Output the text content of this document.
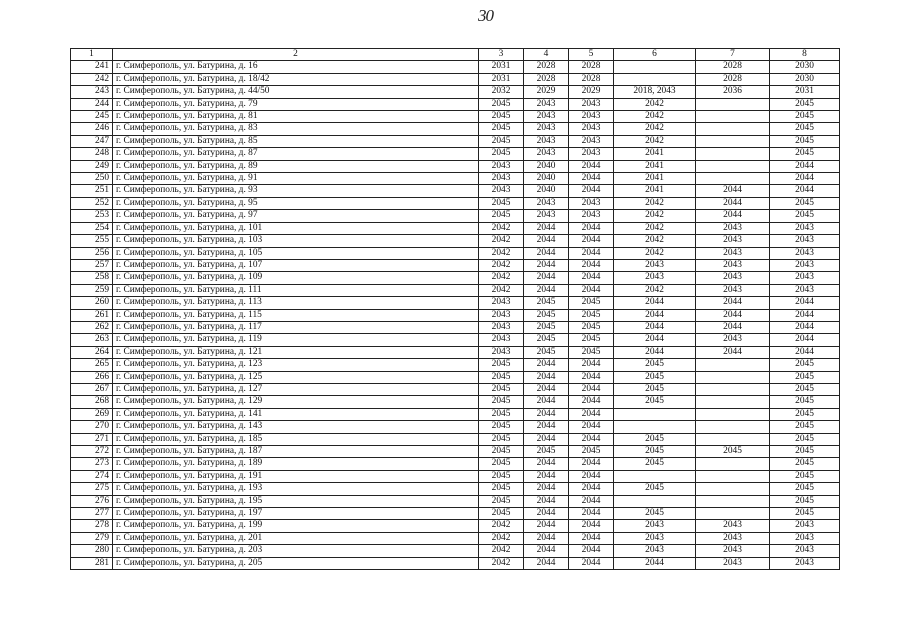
30
1	2	3	4	5	6	7	8
241	г. Симферополь, ул. Батурина, д. 16	2031	2028	2028		2028	2030
242	г. Симферополь, ул. Батурина, д. 18/42	2031	2028	2028		2028	2030
243	г. Симферополь, ул. Батурина, д. 44/50	2032	2029	2029	2018, 2043	2036	2031
244	г. Симферополь, ул. Батурина, д. 79	2045	2043	2043	2042		2045
245	г. Симферополь, ул. Батурина, д. 81	2045	2043	2043	2042		2045
246	г. Симферополь, ул. Батурина, д. 83	2045	2043	2043	2042		2045
247	г. Симферополь, ул. Батурина, д. 85	2045	2043	2043	2042		2045
248	г. Симферополь, ул. Батурина, д. 87	2045	2043	2043	2041		2045
249	г. Симферополь, ул. Батурина, д. 89	2043	2040	2044	2041		2044
250	г. Симферополь, ул. Батурина, д. 91	2043	2040	2044	2041		2044
251	г. Симферополь, ул. Батурина, д. 93	2043	2040	2044	2041	2044	2044
252	г. Симферополь, ул. Батурина, д. 95	2045	2043	2043	2042	2044	2045
253	г. Симферополь, ул. Батурина, д. 97	2045	2043	2043	2042	2044	2045
254	г. Симферополь, ул. Батурина, д. 101	2042	2044	2044	2042	2043	2043
255	г. Симферополь, ул. Батурина, д. 103	2042	2044	2044	2042	2043	2043
256	г. Симферополь, ул. Батурина, д. 105	2042	2044	2044	2042	2043	2043
257	г. Симферополь, ул. Батурина, д. 107	2042	2044	2044	2043	2043	2043
258	г. Симферополь, ул. Батурина, д. 109	2042	2044	2044	2043	2043	2043
259	г. Симферополь, ул. Батурина, д. 111	2042	2044	2044	2042	2043	2043
260	г. Симферополь, ул. Батурина, д. 113	2043	2045	2045	2044	2044	2044
261	г. Симферополь, ул. Батурина, д. 115	2043	2045	2045	2044	2044	2044
262	г. Симферополь, ул. Батурина, д. 117	2043	2045	2045	2044	2044	2044
263	г. Симферополь, ул. Батурина, д. 119	2043	2045	2045	2044	2043	2044
264	г. Симферополь, ул. Батурина, д. 121	2043	2045	2045	2044	2044	2044
265	г. Симферополь, ул. Батурина, д. 123	2045	2044	2044	2045		2045
266	г. Симферополь, ул. Батурина, д. 125	2045	2044	2044	2045		2045
267	г. Симферополь, ул. Батурина, д. 127	2045	2044	2044	2045		2045
268	г. Симферополь, ул. Батурина, д. 129	2045	2044	2044	2045		2045
269	г. Симферополь, ул. Батурина, д. 141	2045	2044	2044			2045
270	г. Симферополь, ул. Батурина, д. 143	2045	2044	2044			2045
271	г. Симферополь, ул. Батурина, д. 185	2045	2044	2044	2045		2045
272	г. Симферополь, ул. Батурина, д. 187	2045	2045	2045	2045	2045	2045
273	г. Симферополь, ул. Батурина, д. 189	2045	2044	2044	2045		2045
274	г. Симферополь, ул. Батурина, д. 191	2045	2044	2044			2045
275	г. Симферополь, ул. Батурина, д. 193	2045	2044	2044	2045		2045
276	г. Симферополь, ул. Батурина, д. 195	2045	2044	2044			2045
277	г. Симферополь, ул. Батурина, д. 197	2045	2044	2044	2045		2045
278	г. Симферополь, ул. Батурина, д. 199	2042	2044	2044	2043	2043	2043
279	г. Симферополь, ул. Батурина, д. 201	2042	2044	2044	2043	2043	2043
280	г. Симферополь, ул. Батурина, д. 203	2042	2044	2044	2043	2043	2043
281	г. Симферополь, ул. Батурина, д. 205	2042	2044	2044	2044	2043	2043
